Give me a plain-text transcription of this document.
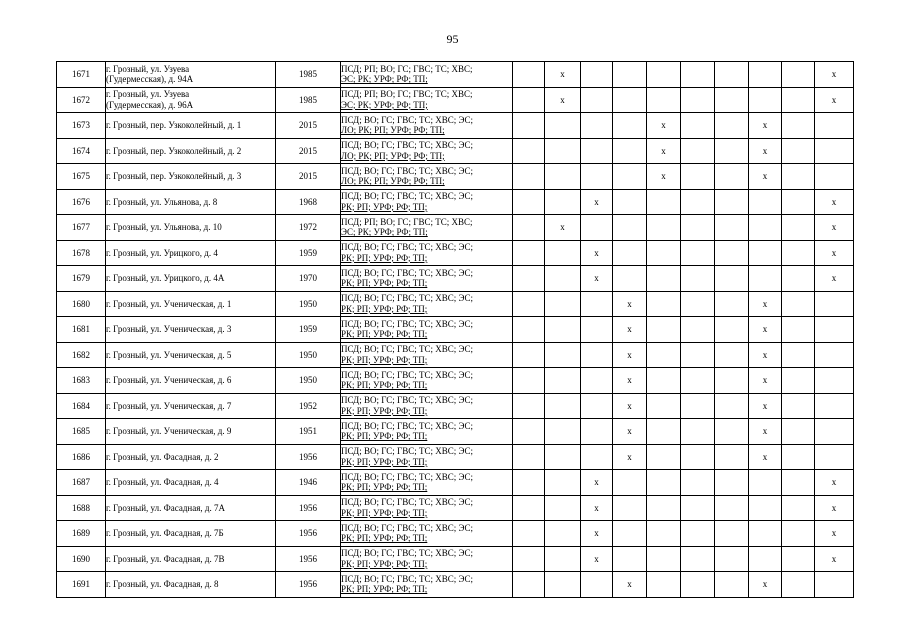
95
1671	г. Грозный, ул. Узуева
(Гудермесская), д. 94А	1985	ПСД; РП; ВО; ГС; ГВС; ТС; ХВС;
ЭС; РК; УРФ; РФ; ТП;		x								x
1672	г. Грозный, ул. Узуева
(Гудермесская), д. 96А	1985	ПСД; РП; ВО; ГС; ГВС; ТС; ХВС;
ЭС; РК; УРФ; РФ; ТП;		x								x
1673	г. Грозный, пер. Узкоколейный, д. 1	2015	ПСД; ВО; ГС; ГВС; ТС; ХВС; ЭС;
ЛО; РК; РП; УРФ; РФ; ТП;					x			x		
1674	г. Грозный, пер. Узкоколейный, д. 2	2015	ПСД; ВО; ГС; ГВС; ТС; ХВС; ЭС;
ЛО; РК; РП; УРФ; РФ; ТП;					x			x		
1675	г. Грозный, пер. Узкоколейный, д. 3	2015	ПСД; ВО; ГС; ГВС; ТС; ХВС; ЭС;
ЛО; РК; РП; УРФ; РФ; ТП;					x			x		
1676	г. Грозный, ул. Ульянова, д. 8	1968	ПСД; ВО; ГС; ГВС; ТС; ХВС; ЭС;
РК; РП; УРФ; РФ; ТП;			x							x
1677	г. Грозный, ул. Ульянова, д. 10	1972	ПСД; РП; ВО; ГС; ГВС; ТС; ХВС;
ЭС; РК; УРФ; РФ; ТП;		x								x
1678	г. Грозный, ул. Урицкого, д. 4	1959	ПСД; ВО; ГС; ГВС; ТС; ХВС; ЭС;
РК; РП; УРФ; РФ; ТП;			x							x
1679	г. Грозный, ул. Урицкого, д. 4А	1970	ПСД; ВО; ГС; ГВС; ТС; ХВС; ЭС;
РК; РП; УРФ; РФ; ТП;			x							x
1680	г. Грозный, ул. Ученическая, д. 1	1950	ПСД; ВО; ГС; ГВС; ТС; ХВС; ЭС;
РК; РП; УРФ; РФ; ТП;				x				x		
1681	г. Грозный, ул. Ученическая, д. 3	1959	ПСД; ВО; ГС; ГВС; ТС; ХВС; ЭС;
РК; РП; УРФ; РФ; ТП;				x				x		
1682	г. Грозный, ул. Ученическая, д. 5	1950	ПСД; ВО; ГС; ГВС; ТС; ХВС; ЭС;
РК; РП; УРФ; РФ; ТП;				x				x		
1683	г. Грозный, ул. Ученическая, д. 6	1950	ПСД; ВО; ГС; ГВС; ТС; ХВС; ЭС;
РК; РП; УРФ; РФ; ТП;				x				x		
1684	г. Грозный, ул. Ученическая, д. 7	1952	ПСД; ВО; ГС; ГВС; ТС; ХВС; ЭС;
РК; РП; УРФ; РФ; ТП;				x				x		
1685	г. Грозный, ул. Ученическая, д. 9	1951	ПСД; ВО; ГС; ГВС; ТС; ХВС; ЭС;
РК; РП; УРФ; РФ; ТП;				x				x		
1686	г. Грозный, ул. Фасадная, д. 2	1956	ПСД; ВО; ГС; ГВС; ТС; ХВС; ЭС;
РК; РП; УРФ; РФ; ТП;				x				x		
1687	г. Грозный, ул. Фасадная, д. 4	1946	ПСД; ВО; ГС; ГВС; ТС; ХВС; ЭС;
РК; РП; УРФ; РФ; ТП;			x							x
1688	г. Грозный, ул. Фасадная, д. 7А	1956	ПСД; ВО; ГС; ГВС; ТС; ХВС; ЭС;
РК; РП; УРФ; РФ; ТП;			x							x
1689	г. Грозный, ул. Фасадная, д. 7Б	1956	ПСД; ВО; ГС; ГВС; ТС; ХВС; ЭС;
РК; РП; УРФ; РФ; ТП;			x							x
1690	г. Грозный, ул. Фасадная, д. 7В	1956	ПСД; ВО; ГС; ГВС; ТС; ХВС; ЭС;
РК; РП; УРФ; РФ; ТП;			x							x
1691	г. Грозный, ул. Фасадная, д. 8	1956	ПСД; ВО; ГС; ГВС; ТС; ХВС; ЭС;
РК; РП; УРФ; РФ; ТП;				x				x		
